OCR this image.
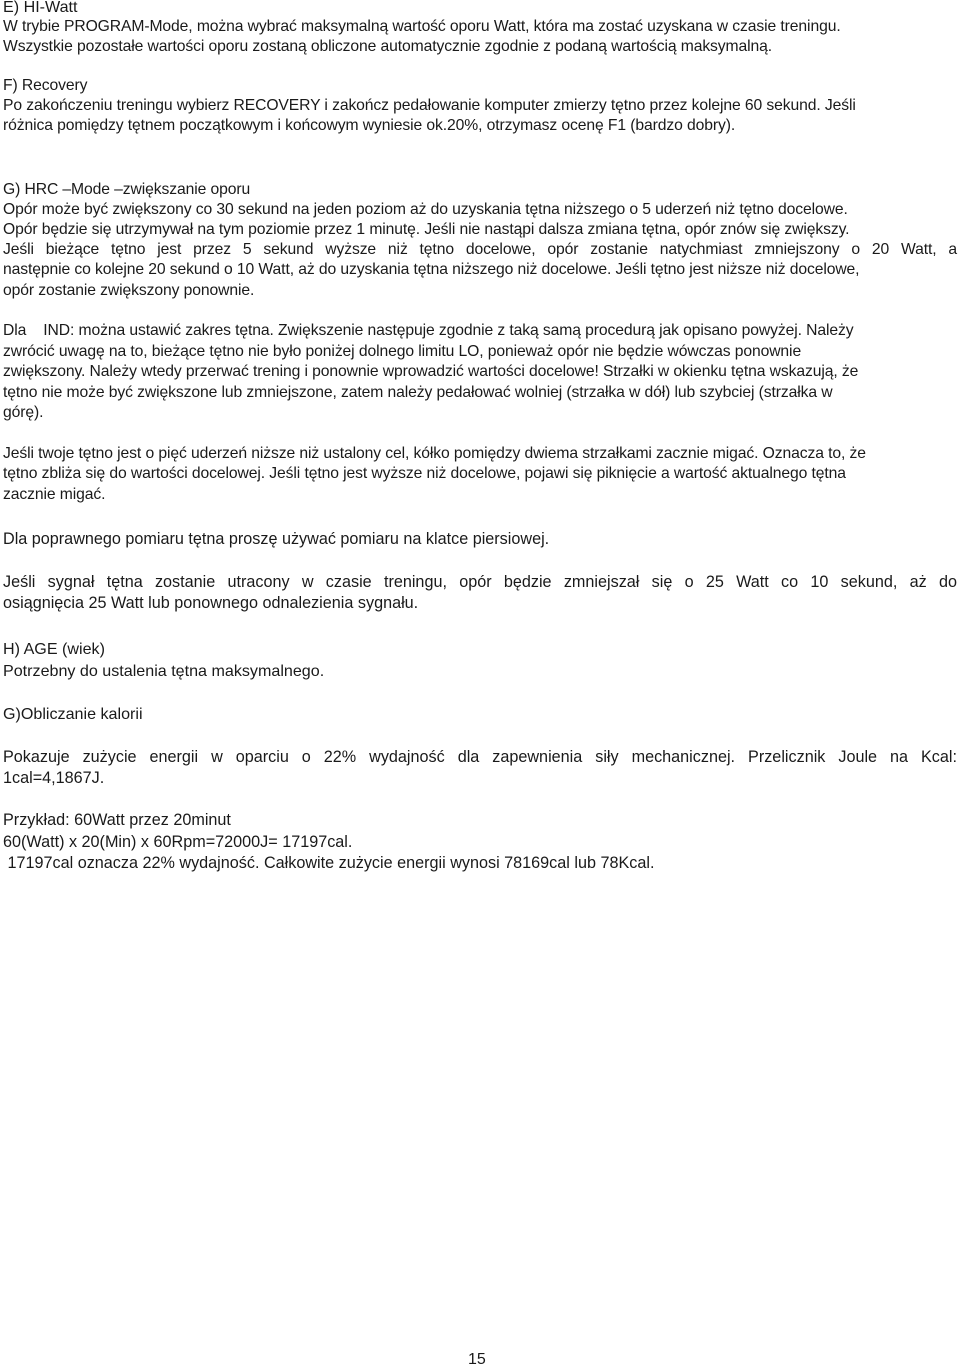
E) HI-Watt
W trybie PROGRAM-Mode, można wybrać maksymalną wartość oporu Watt, która ma zostać uzyskana w czasie treningu.
Wszystkie pozostałe wartości oporu zostaną obliczone automatycznie zgodnie z podaną wartością maksymalną.
F) Recovery
Po zakończeniu treningu wybierz RECOVERY i zakończ pedałowanie komputer zmierzy tętno przez kolejne 60 sekund. Jeśli
różnica pomiędzy tętnem początkowym i końcowym wyniesie ok.20%, otrzymasz ocenę F1 (bardzo dobry).
G) HRC –Mode –zwiększanie oporu
Opór może być zwiększony co 30 sekund na jeden poziom aż do uzyskania tętna niższego o 5 uderzeń niż tętno docelowe.
Opór będzie się utrzymywał na tym poziomie przez 1 minutę. Jeśli nie nastąpi dalsza zmiana tętna, opór znów się zwiększy.
Jeśli bieżące tętno jest przez 5 sekund wyższe niż tętno docelowe, opór zostanie natychmiast zmniejszony o 20 Watt, a
następnie co kolejne 20 sekund o 10 Watt, aż do uzyskania tętna niższego niż docelowe. Jeśli tętno jest niższe niż docelowe,
opór zostanie zwiększony ponownie.
Dla    IND: można ustawić zakres tętna. Zwiększenie następuje zgodnie z taką samą procedurą jak opisano powyżej. Należy
zwrócić uwagę na to, bieżące tętno nie było poniżej dolnego limitu LO, ponieważ opór nie będzie wówczas ponownie
zwiększony. Należy wtedy przerwać trening i ponownie wprowadzić wartości docelowe! Strzałki w okienku tętna wskazują, że
tętno nie może być zwiększone lub zmniejszone, zatem należy pedałować wolniej (strzałka w dół) lub szybciej (strzałka w
górę).
Jeśli twoje tętno jest o pięć uderzeń niższe niż ustalony cel, kółko pomiędzy dwiema strzałkami zacznie migać. Oznacza to, że
tętno zbliża się do wartości docelowej. Jeśli tętno jest wyższe niż docelowe, pojawi się piknięcie a wartość aktualnego tętna
zacznie migać.
Dla poprawnego pomiaru tętna proszę używać pomiaru na klatce piersiowej.
Jeśli sygnał tętna zostanie utracony w czasie treningu, opór będzie zmniejszał się o 25 Watt co 10 sekund, aż do
osiągnięcia 25 Watt lub ponownego odnalezienia sygnału.
H) AGE (wiek)
Potrzebny do ustalenia tętna maksymalnego.
G)Obliczanie kalorii
Pokazuje zużycie energii w oparciu o 22% wydajność dla zapewnienia siły mechanicznej. Przelicznik Joule na Kcal:
1cal=4,1867J.
Przykład: 60Watt przez 20minut
60(Watt) x 20(Min) x 60Rpm=72000J= 17197cal.
17197cal oznacza 22% wydajność. Całkowite zużycie energii wynosi 78169cal lub 78Kcal.
15
